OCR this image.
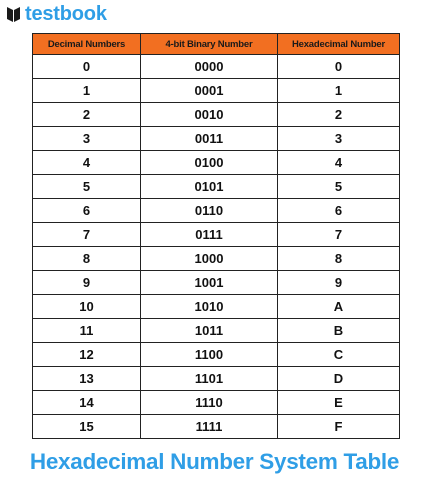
testbook
Decimal Numbers	4-bit Binary Number	Hexadecimal Number
0	0000	0
1	0001	1
2	0010	2
3	0011	3
4	0100	4
5	0101	5
6	0110	6
7	0111	7
8	1000	8
9	1001	9
10	1010	A
11	1011	B
12	1100	C
13	1101	D
14	1110	E
15	1111	F
Hexadecimal Number System Table
